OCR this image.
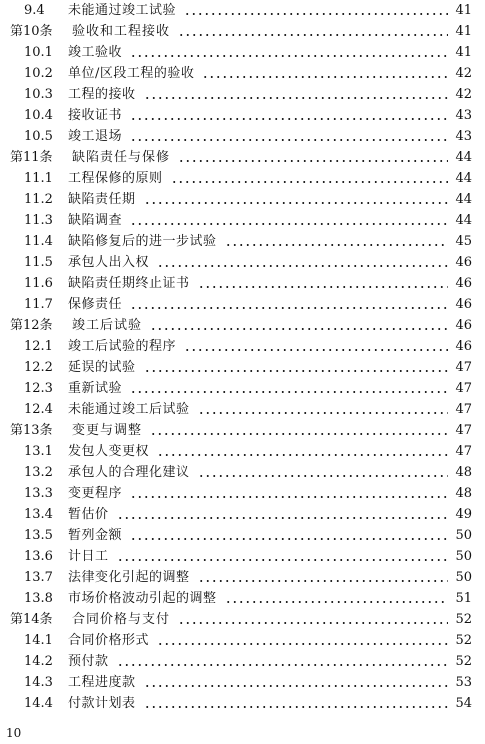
9.4	未能通过竣工试验	41
第10条	验收和工程接收	41
10.1	竣工验收	41
10.2	单位/区段工程的验收	42
10.3	工程的接收	42
10.4	接收证书	43
10.5	竣工退场	43
第11条	缺陷责任与保修	44
11.1	工程保修的原则	44
11.2	缺陷责任期	44
11.3	缺陷调查	44
11.4	缺陷修复后的进一步试验	45
11.5	承包人出入权	46
11.6	缺陷责任期终止证书	46
11.7	保修责任	46
第12条	竣工后试验	46
12.1	竣工后试验的程序	46
12.2	延误的试验	47
12.3	重新试验	47
12.4	未能通过竣工后试验	47
第13条	变更与调整	47
13.1	发包人变更权	47
13.2	承包人的合理化建议	48
13.3	变更程序	48
13.4	暂估价	49
13.5	暂列金额	50
13.6	计日工	50
13.7	法律变化引起的调整	50
13.8	市场价格波动引起的调整	51
第14条	合同价格与支付	52
14.1	合同价格形式	52
14.2	预付款	52
14.3	工程进度款	53
14.4	付款计划表	54
10
